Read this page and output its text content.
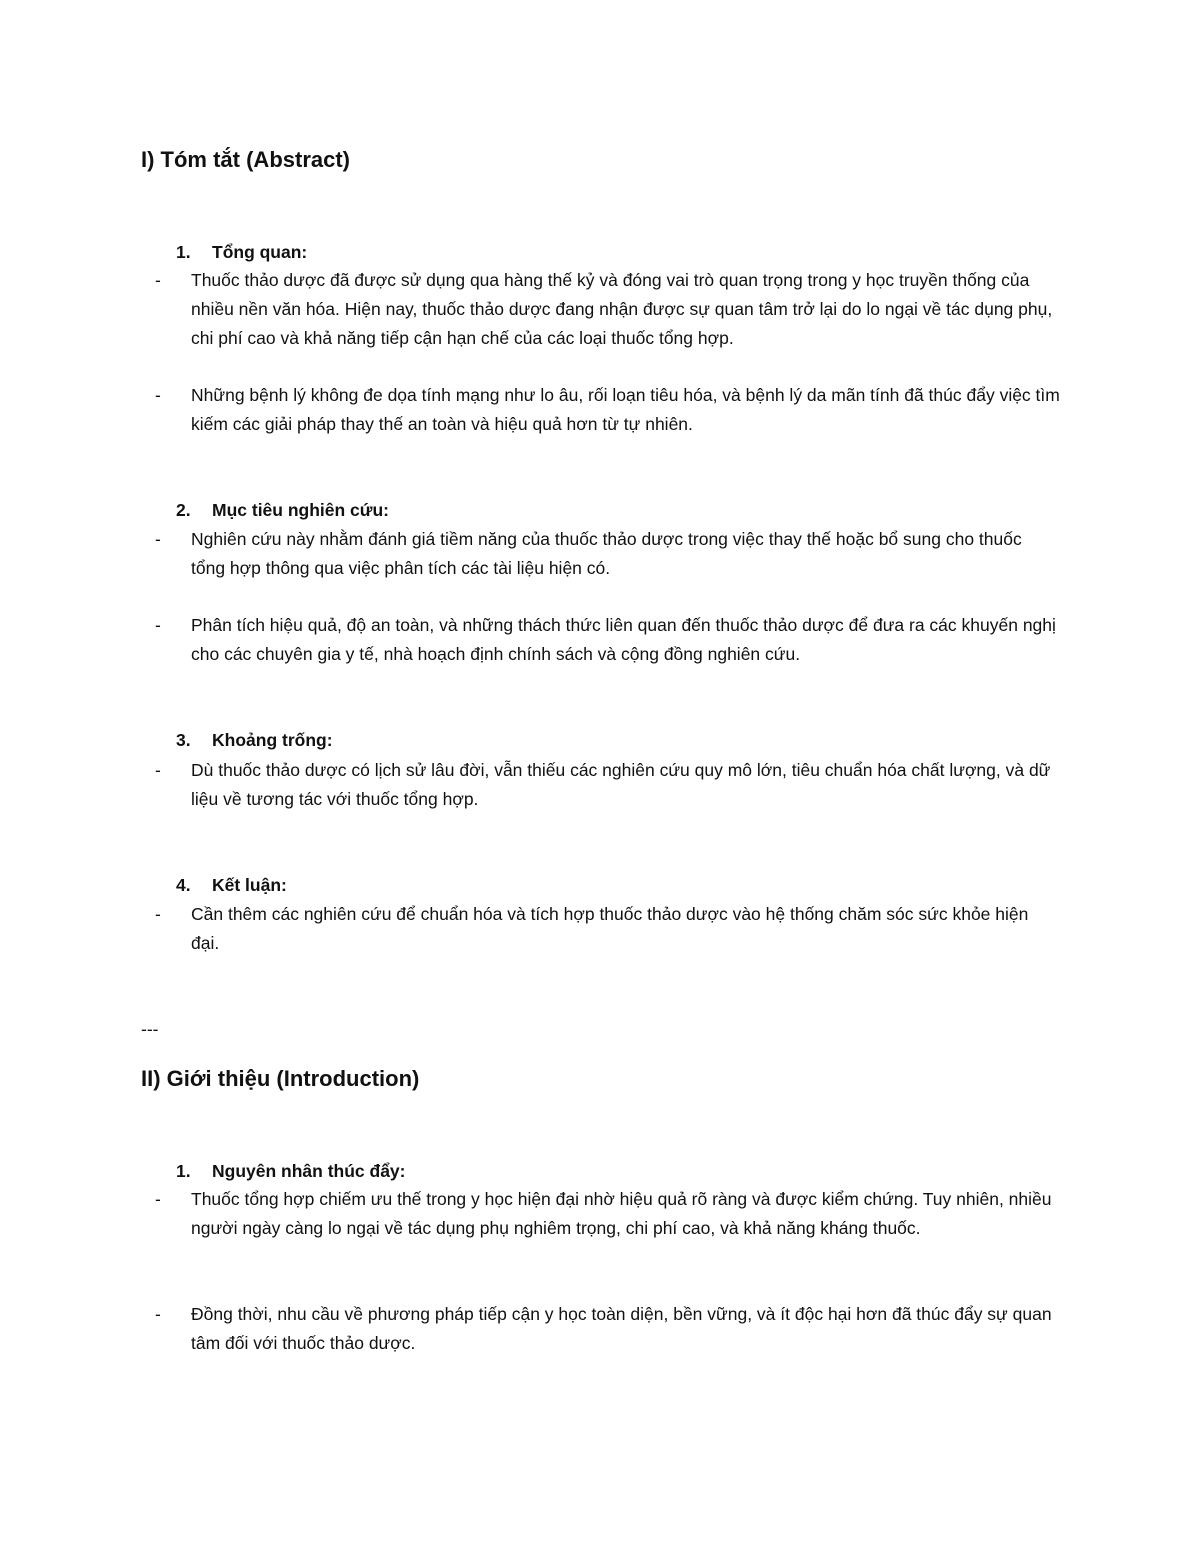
I) Tóm tắt (Abstract)
1. Tổng quan:
-	Thuốc thảo dược đã được sử dụng qua hàng thế kỷ và đóng vai trò quan trọng trong y học truyền thống của nhiều nền văn hóa. Hiện nay, thuốc thảo dược đang nhận được sự quan tâm trở lại do lo ngại về tác dụng phụ, chi phí cao và khả năng tiếp cận hạn chế của các loại thuốc tổng hợp.
-	Những bệnh lý không đe dọa tính mạng như lo âu, rối loạn tiêu hóa, và bệnh lý da mãn tính đã thúc đẩy việc tìm kiếm các giải pháp thay thế an toàn và hiệu quả hơn từ tự nhiên.
2. Mục tiêu nghiên cứu:
-	Nghiên cứu này nhằm đánh giá tiềm năng của thuốc thảo dược trong việc thay thế hoặc bổ sung cho thuốc tổng hợp thông qua việc phân tích các tài liệu hiện có.
-	Phân tích hiệu quả, độ an toàn, và những thách thức liên quan đến thuốc thảo dược để đưa ra các khuyến nghị cho các chuyên gia y tế, nhà hoạch định chính sách và cộng đồng nghiên cứu.
3. Khoảng trống:
-	Dù thuốc thảo dược có lịch sử lâu đời, vẫn thiếu các nghiên cứu quy mô lớn, tiêu chuẩn hóa chất lượng, và dữ liệu về tương tác với thuốc tổng hợp.
4. Kết luận:
-	Cần thêm các nghiên cứu để chuẩn hóa và tích hợp thuốc thảo dược vào hệ thống chăm sóc sức khỏe hiện đại.
---
II) Giới thiệu (Introduction)
1. Nguyên nhân thúc đẩy:
-	Thuốc tổng hợp chiếm ưu thế trong y học hiện đại nhờ hiệu quả rõ ràng và được kiểm chứng. Tuy nhiên, nhiều người ngày càng lo ngại về tác dụng phụ nghiêm trọng, chi phí cao, và khả năng kháng thuốc.
-	Đồng thời, nhu cầu về phương pháp tiếp cận y học toàn diện, bền vững, và ít độc hại hơn đã thúc đẩy sự quan tâm đối với thuốc thảo dược.
